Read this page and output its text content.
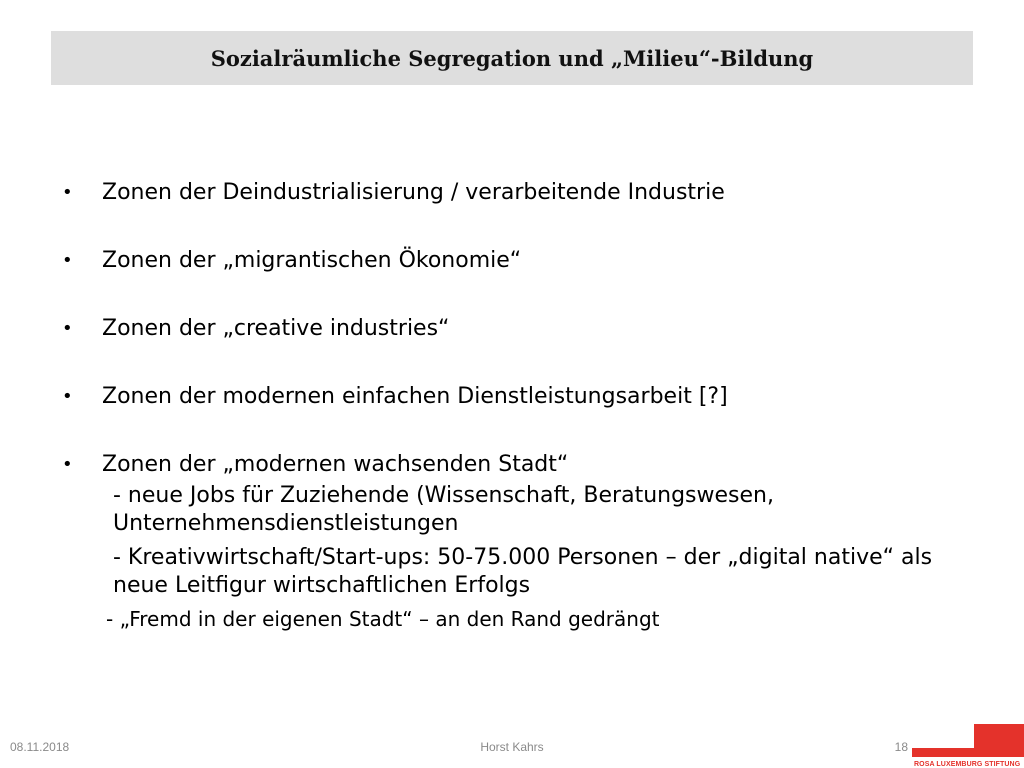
Sozialräumliche Segregation und „Milieu“-Bildung
•	Zonen der Deindustrialisierung / verarbeitende Industrie
•	Zonen der „migrantischen Ökonomie“
•	Zonen der „creative industries“
•	Zonen der modernen einfachen Dienstleistungsarbeit [?]
•	Zonen der „modernen wachsenden Stadt“
- neue Jobs für Zuziehende (Wissenschaft, Beratungswesen, Unternehmensdienstleistungen
- Kreativwirtschaft/Start-ups: 50-75.000 Personen – der „digital native“ als neue Leitfigur wirtschaftlichen Erfolgs
- „Fremd in der eigenen Stadt“ – an den Rand gedrängt
08.11.2018	Horst Kahrs	18
ROSA LUXEMBURG STIFTUNG
